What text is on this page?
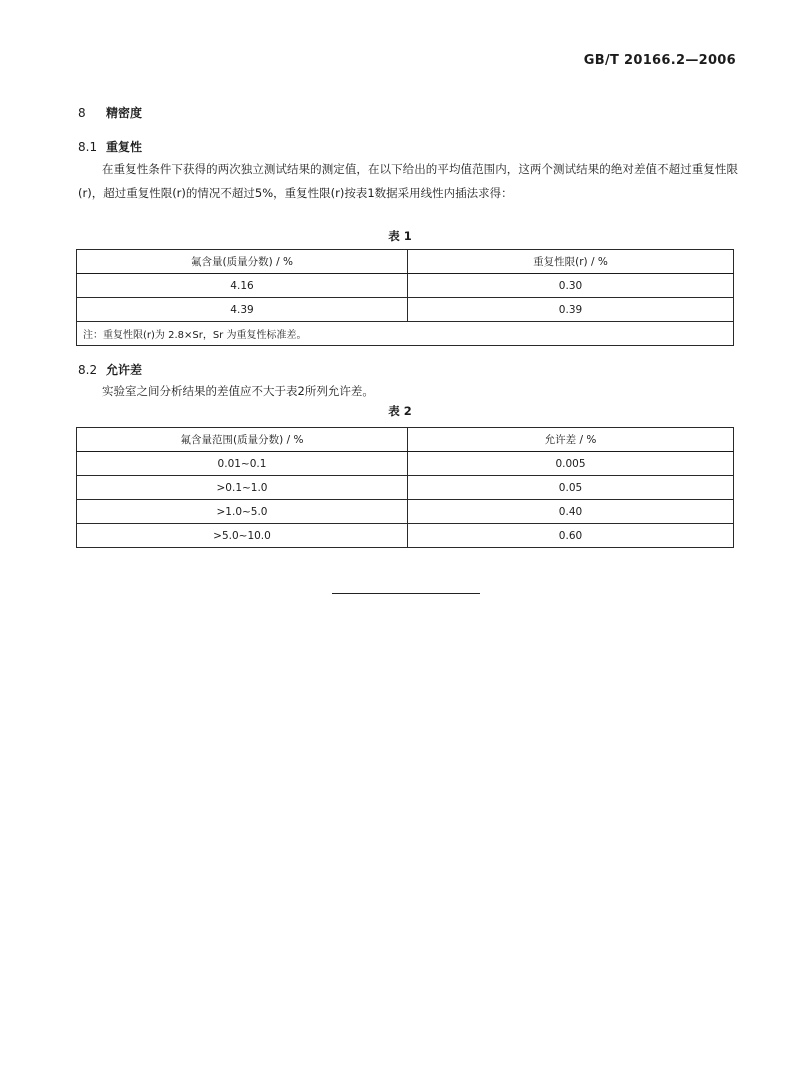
GB/T 20166.2—2006
8 精密度
8.1 重复性
在重复性条件下获得的两次独立测试结果的测定值，在以下给出的平均值范围内，这两个测试结果的绝对差值不超过重复性限(r)，超过重复性限(r)的情况不超过5%，重复性限(r)按表1数据采用线性内插法求得：
表 1
氟含量(质量分数) / %	重复性限(r) / %
4.16	0.30
4.39	0.39
注：重复性限(r)为 2.8×Sr，Sr 为重复性标准差。	
8.2 允许差
实验室之间分析结果的差值应不大于表2所列允许差。
表 2
氟含量范围(质量分数) / %	允许差 / %
0.01~0.1	0.005
>0.1~1.0	0.05
>1.0~5.0	0.40
>5.0~10.0	0.60
